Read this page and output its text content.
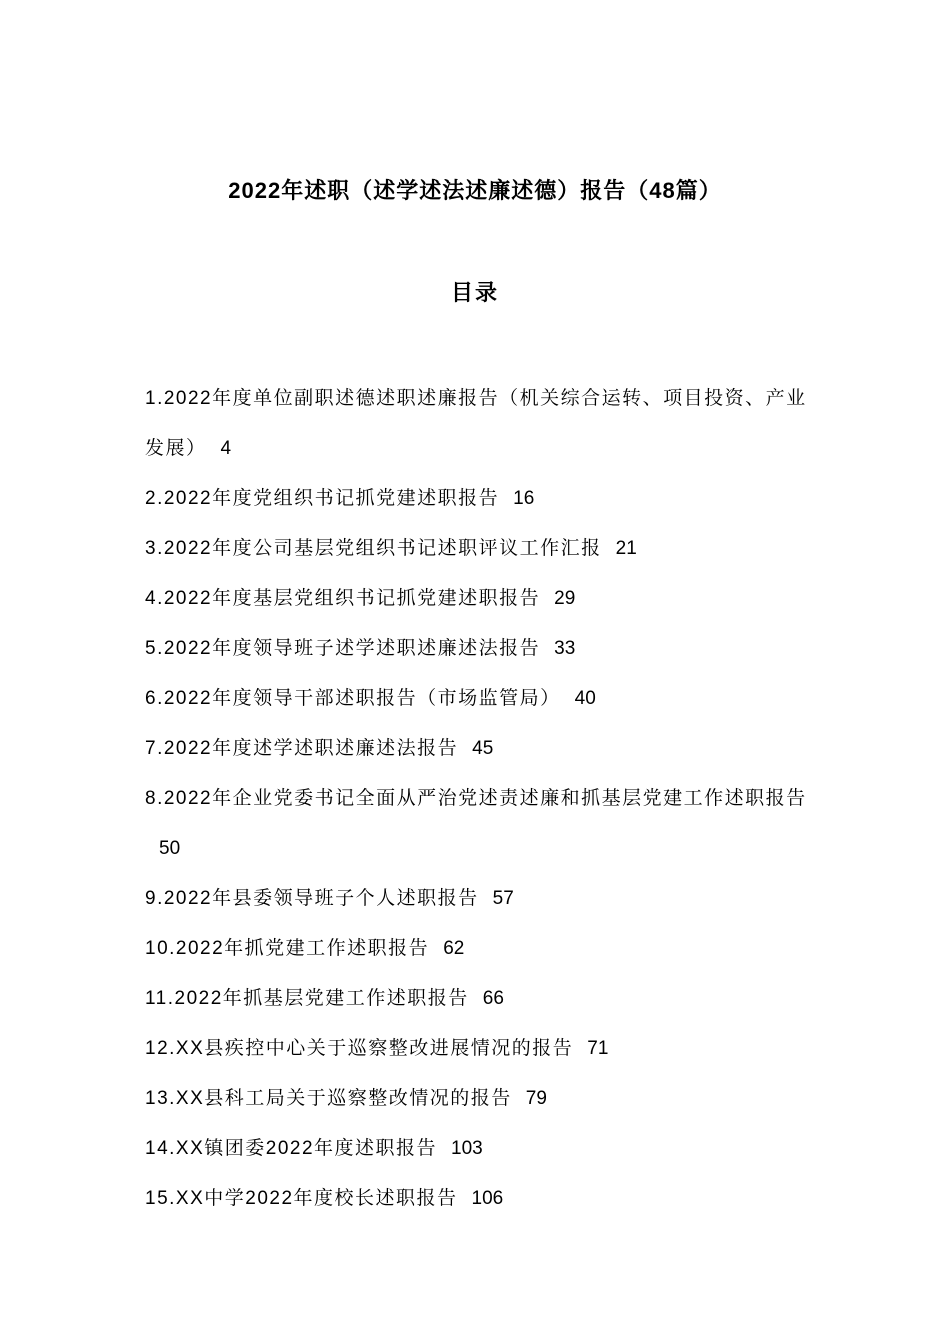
2022年述职（述学述法述廉述德）报告（48篇）
目录
1.2022年度单位副职述德述职述廉报告（机关综合运转、项目投资、产业发展） 4
2.2022年度党组织书记抓党建述职报告 16
3.2022年度公司基层党组织书记述职评议工作汇报 21
4.2022年度基层党组织书记抓党建述职报告 29
5.2022年度领导班子述学述职述廉述法报告 33
6.2022年度领导干部述职报告（市场监管局） 40
7.2022年度述学述职述廉述法报告 45
8.2022年企业党委书记全面从严治党述责述廉和抓基层党建工作述职报告50
9.2022年县委领导班子个人述职报告 57
10.2022年抓党建工作述职报告 62
11.2022年抓基层党建工作述职报告 66
12.XX县疾控中心关于巡察整改进展情况的报告 71
13.XX县科工局关于巡察整改情况的报告 79
14.XX镇团委2022年度述职报告 103
15.XX中学2022年度校长述职报告 106
